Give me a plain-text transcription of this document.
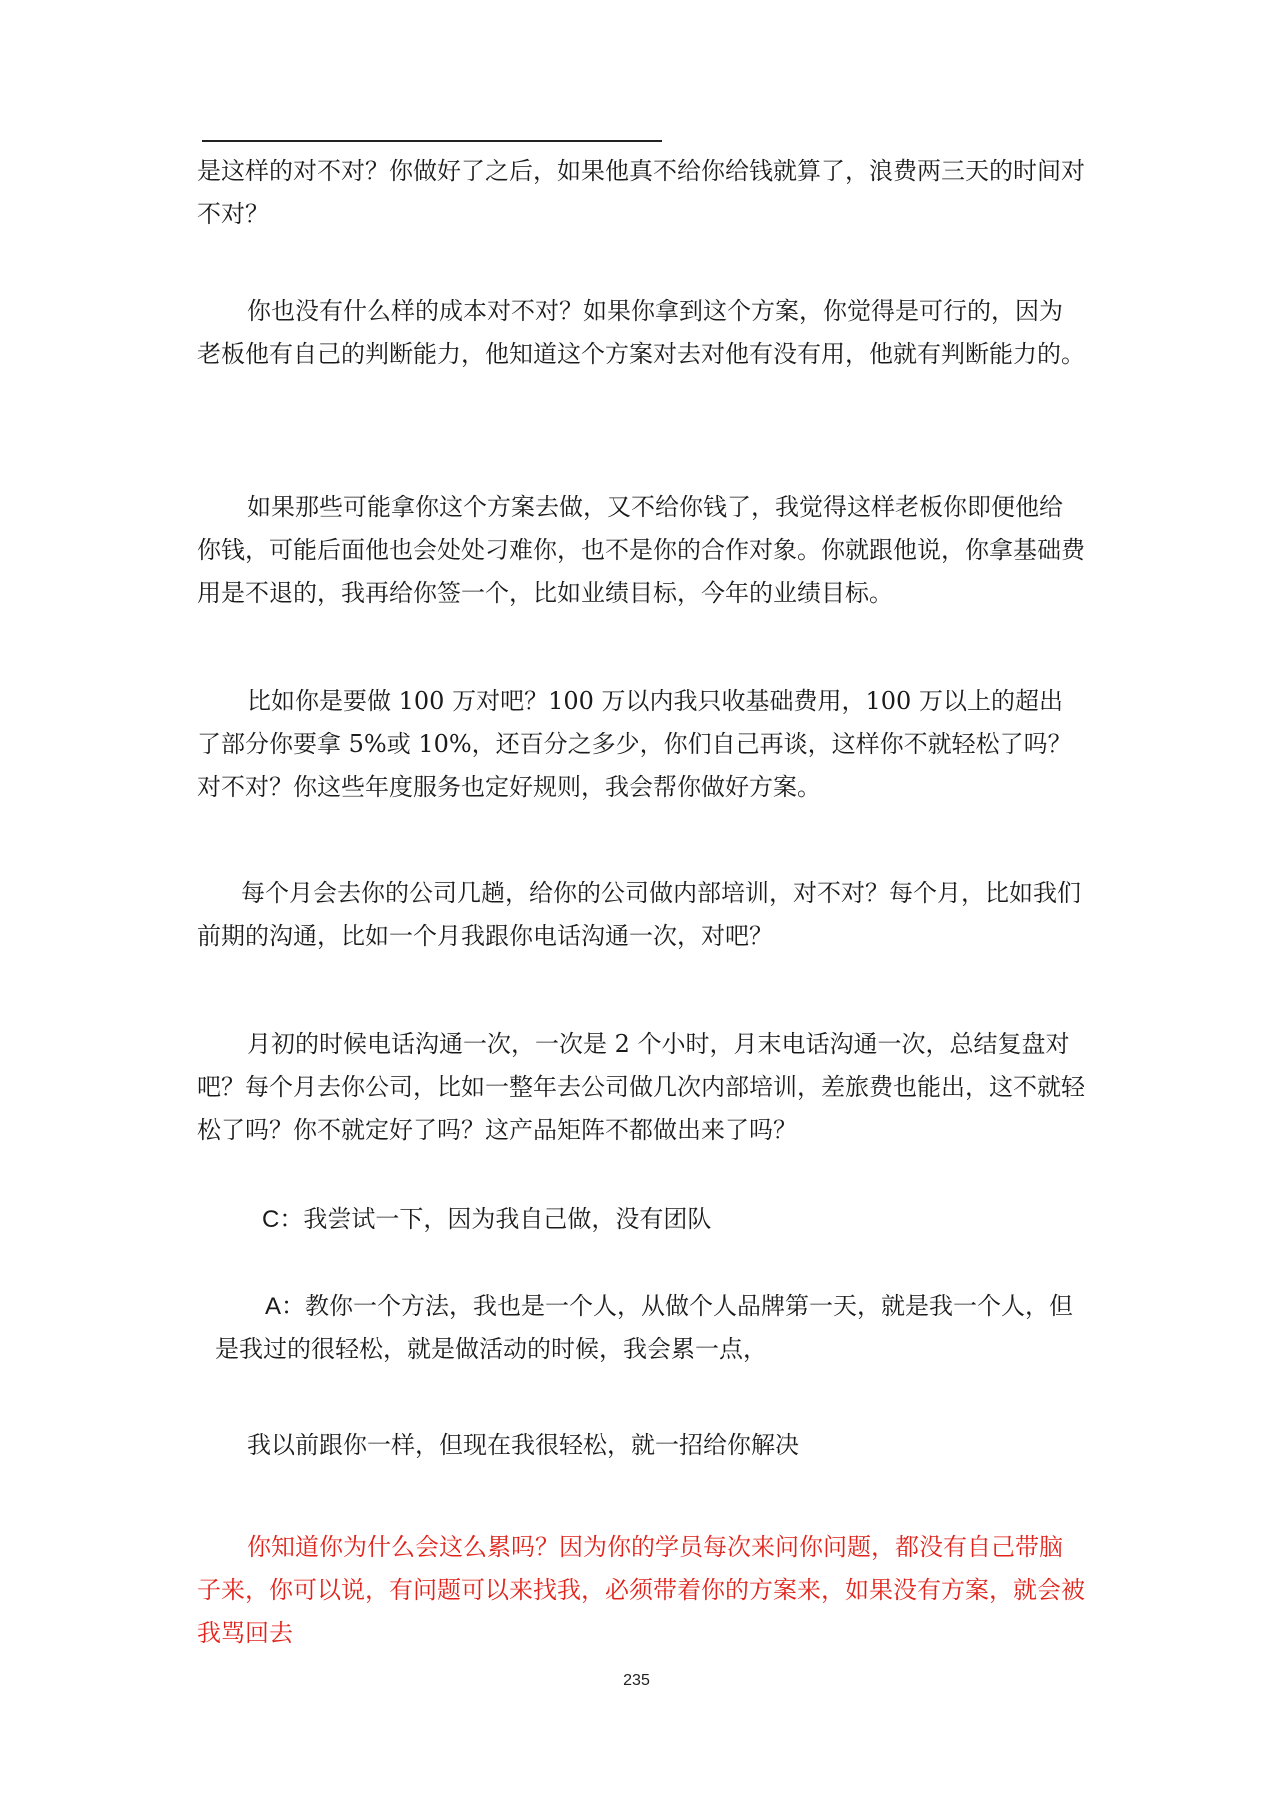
是这样的对不对？你做好了之后，如果他真不给你给钱就算了，浪费两三天的时间对不对？

你也没有什么样的成本对不对？如果你拿到这个方案，你觉得是可行的，因为老板他有自己的判断能力，他知道这个方案对去对他有没有用，他就有判断能力的。

如果那些可能拿你这个方案去做，又不给你钱了，我觉得这样老板你即便他给你钱，可能后面他也会处处刁难你，也不是你的合作对象。你就跟他说，你拿基础费用是不退的，我再给你签一个，比如业绩目标，今年的业绩目标。

比如你是要做 100 万对吧？100 万以内我只收基础费用，100 万以上的超出了部分你要拿 5%或 10%，还百分之多少，你们自己再谈，这样你不就轻松了吗？对不对？你这些年度服务也定好规则，我会帮你做好方案。

每个月会去你的公司几趟，给你的公司做内部培训，对不对？每个月，比如我们前期的沟通，比如一个月我跟你电话沟通一次，对吧？

月初的时候电话沟通一次，一次是 2 个小时，月末电话沟通一次，总结复盘对吧？每个月去你公司，比如一整年去公司做几次内部培训，差旅费也能出，这不就轻松了吗？你不就定好了吗？这产品矩阵不都做出来了吗？

C：我尝试一下，因为我自己做，没有团队

A：教你一个方法，我也是一个人，从做个人品牌第一天，就是我一个人，但是我过的很轻松，就是做活动的时候，我会累一点，

我以前跟你一样，但现在我很轻松，就一招给你解决

你知道你为什么会这么累吗？因为你的学员每次来问你问题，都没有自己带脑子来，你可以说，有问题可以来找我，必须带着你的方案来，如果没有方案，就会被我骂回去

235
